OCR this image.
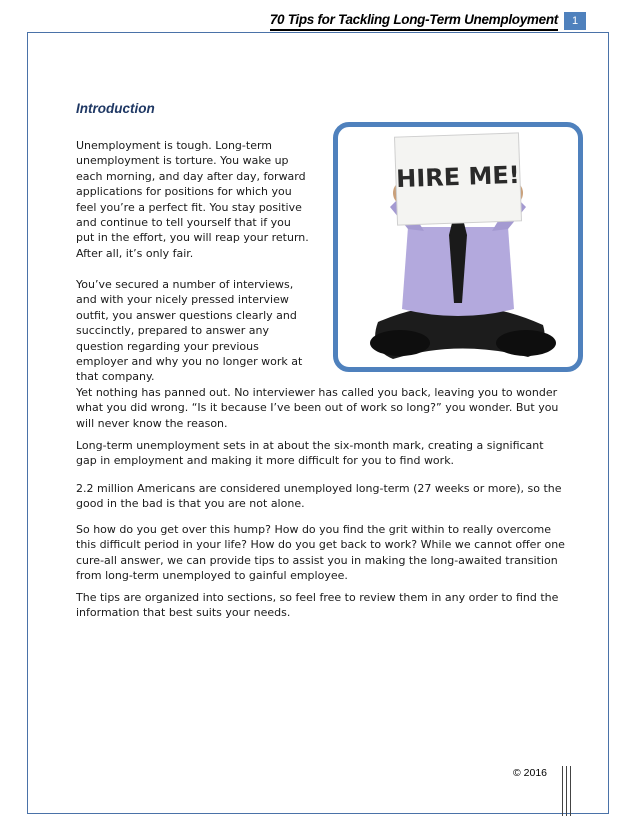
70 Tips for Tackling Long-Term Unemployment	1
Introduction

Unemployment is tough. Long-term unemployment is torture. You wake up each morning, and day after day, forward applications for positions for which you feel you’re a perfect fit. You stay positive and continue to tell yourself that if you put in the effort, you will reap your return. After all, it’s only fair.

You’ve secured a number of interviews, and with your nicely pressed interview outfit, you answer questions clearly and succinctly, prepared to answer any question regarding your previous employer and why you no longer work at that company.

Yet nothing has panned out. No interviewer has called you back, leaving you to wonder what you did wrong. “Is it because I’ve been out of work so long?” you wonder. But you will never know the reason.

Long-term unemployment sets in at about the six-month mark, creating a significant gap in employment and making it more difficult for you to find work.

2.2 million Americans are considered unemployed long-term (27 weeks or more), so the good in the bad is that you are not alone.

So how do you get over this hump? How do you find the grit within to really overcome this difficult period in your life? How do you get back to work? While we cannot offer one cure-all answer, we can provide tips to assist you in making the long-awaited transition from long-term unemployed to gainful employee.

The tips are organized into sections, so feel free to review them in any order to find the information that best suits your needs.

HIRE ME!
© 2016
